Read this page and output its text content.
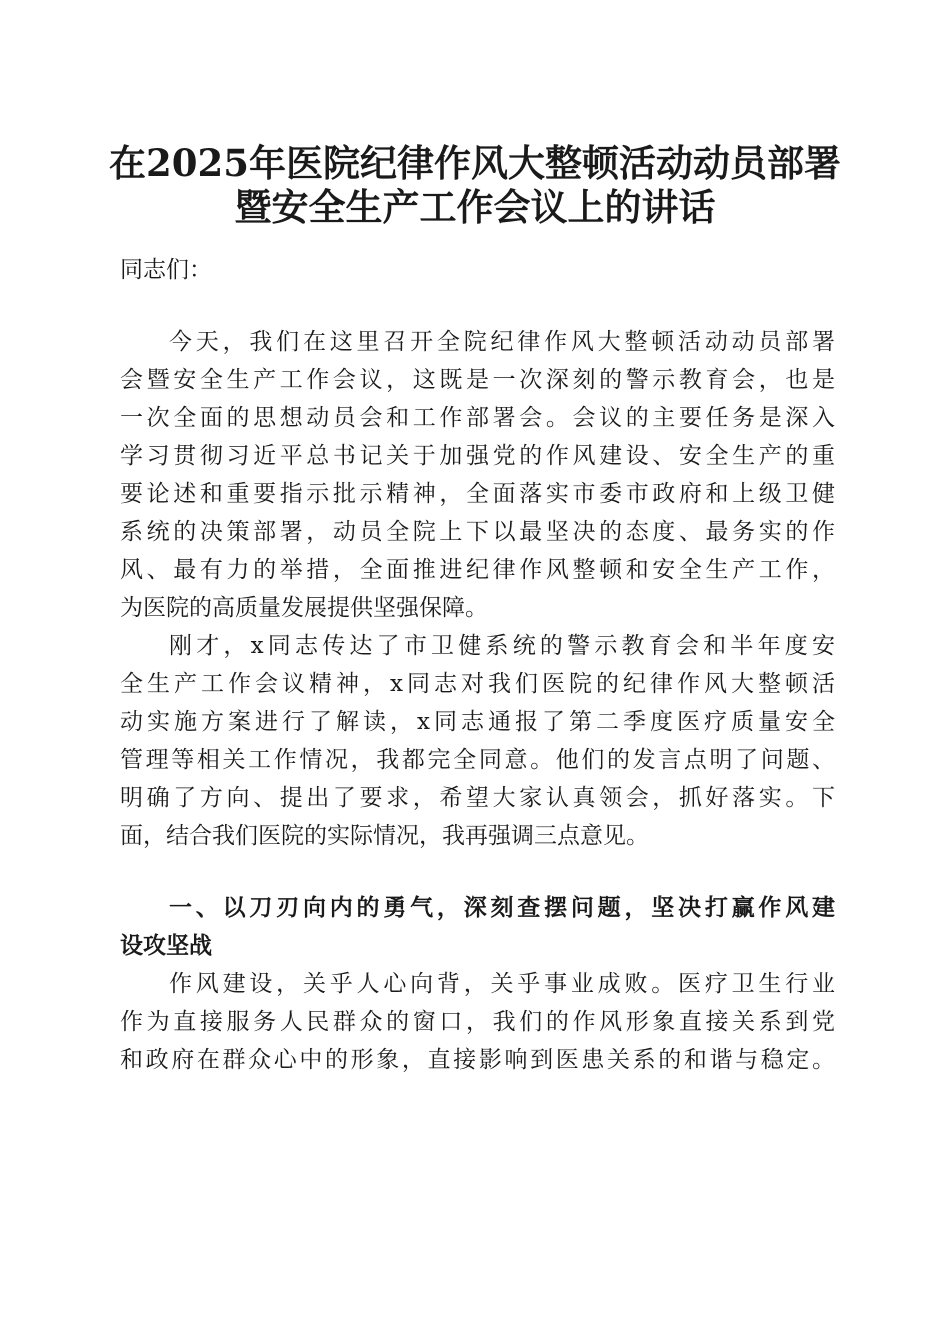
在2025年医院纪律作风大整顿活动动员部署
暨安全生产工作会议上的讲话
同志们：
今天，我们在这里召开全院纪律作风大整顿活动动员部署
会暨安全生产工作会议，这既是一次深刻的警示教育会，也是
一次全面的思想动员会和工作部署会。会议的主要任务是深入
学习贯彻习近平总书记关于加强党的作风建设、安全生产的重
要论述和重要指示批示精神，全面落实市委市政府和上级卫健
系统的决策部署，动员全院上下以最坚决的态度、最务实的作
风、最有力的举措，全面推进纪律作风整顿和安全生产工作，
为医院的高质量发展提供坚强保障。
刚才，x同志传达了市卫健系统的警示教育会和半年度安
全生产工作会议精神，x同志对我们医院的纪律作风大整顿活
动实施方案进行了解读，x同志通报了第二季度医疗质量安全
管理等相关工作情况，我都完全同意。他们的发言点明了问题、
明确了方向、提出了要求，希望大家认真领会，抓好落实。下
面，结合我们医院的实际情况，我再强调三点意见。
一、以刀刃向内的勇气，深刻查摆问题，坚决打赢作风建
设攻坚战
作风建设，关乎人心向背，关乎事业成败。医疗卫生行业
作为直接服务人民群众的窗口，我们的作风形象直接关系到党
和政府在群众心中的形象，直接影响到医患关系的和谐与稳定。
